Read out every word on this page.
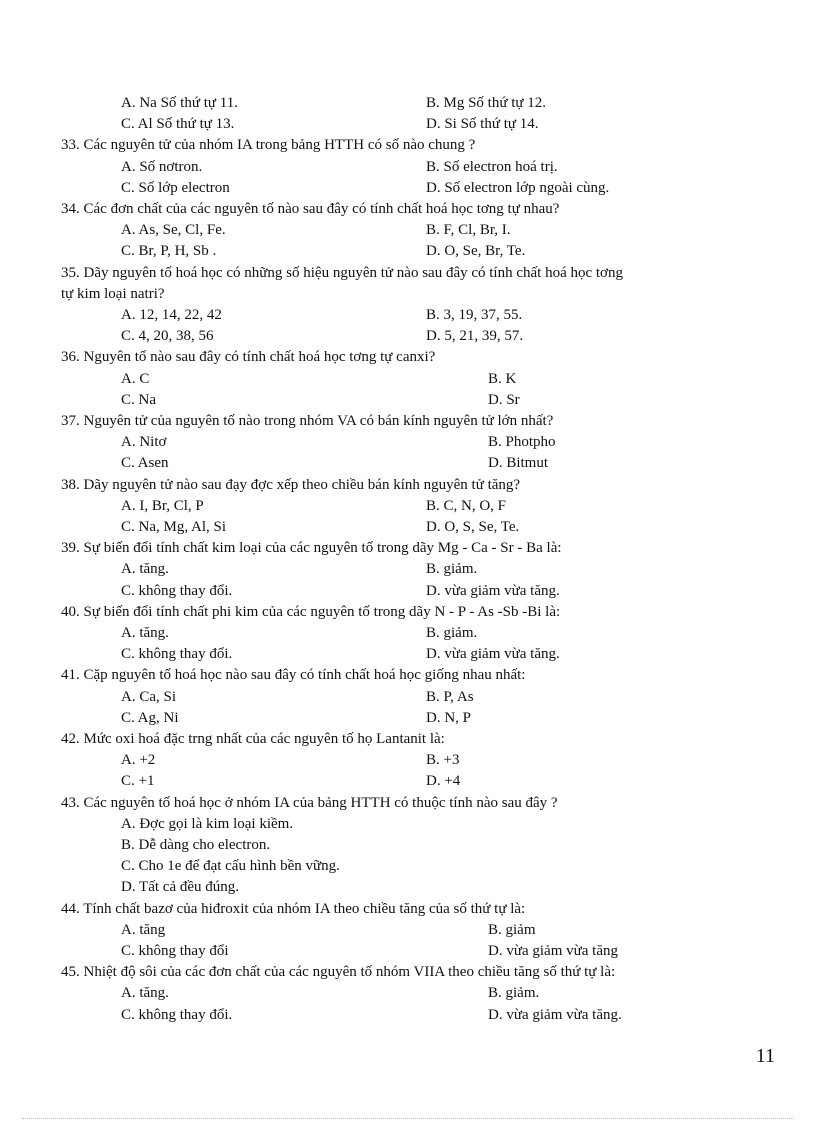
A. Na Số thứ tự 11.	B. Mg Số thứ tự 12.
C. Al Số thứ tự 13.	D. Si Số thứ tự 14.
33. Các nguyên tử của nhóm IA trong bảng HTTH có số nào chung ?
A. Số nơtron.	B. Số electron hoá trị.
C. Số lớp electron	D. Số electron lớp ngoài cùng.
34. Các đơn chất của các nguyên tố nào sau đây có tính chất hoá học tơng tự nhau?
A. As, Se, Cl, Fe.	B. F, Cl, Br, I.
C. Br, P, H, Sb .	D. O, Se, Br, Te.
35. Dãy nguyên tố hoá học có những số hiệu nguyên tử nào sau đây có tính chất hoá học tơng
tự kim loại natri?
A. 12, 14, 22, 42	B. 3, 19, 37, 55.
C. 4, 20, 38, 56	D. 5, 21, 39, 57.
36. Nguyên tố nào sau đây có tính chất hoá học tơng tự canxi?
A. C	B. K
C. Na	D. Sr
37. Nguyên tử của nguyên tố nào trong nhóm VA có bán kính nguyên tử lớn nhất?
A. Nitơ	B. Photpho
C. Asen	D. Bitmut
38. Dãy nguyên tử nào sau đạy đợc xếp theo chiều bán kính nguyên tử tăng?
A. I, Br, Cl, P	B. C, N, O, F
C. Na, Mg, Al, Si	D. O, S, Se, Te.
39. Sự biến đổi tính chất kim loại của các nguyên tố trong dãy Mg - Ca - Sr - Ba là:
A. tăng.	B. giảm.
C. không thay đổi.	D. vừa giảm vừa tăng.
40. Sự biến đổi tính chất phi kim của các nguyên tố trong dãy N - P - As -Sb -Bi là:
A. tăng.	B. giảm.
C. không thay đổi.	D. vừa giảm vừa tăng.
41. Cặp nguyên tố hoá học nào sau đây có tính chất hoá học giống nhau nhất:
A. Ca, Si	B. P, As
C. Ag, Ni	D. N, P
42. Mức oxi hoá đặc trng nhất của các nguyên tố họ Lantanit là:
A. +2	B. +3
C. +1	D. +4
43. Các nguyên tố hoá học ở nhóm IA của bảng HTTH có thuộc tính nào sau đây ?
A. Đợc gọi là kim loại kiềm.
B. Dễ dàng cho electron.
C. Cho 1e để đạt cấu hình bền vững.
D. Tất cả đều đúng.
44. Tính chất bazơ của hiđroxit của nhóm IA theo chiều tăng của số thứ tự là:
A. tăng	B. giảm
C. không thay đổi	D. vừa giảm vừa tăng
45. Nhiệt độ sôi của các đơn chất của các nguyên tố nhóm VIIA theo chiều tăng số thứ tự là:
A. tăng.	B. giảm.
C. không thay đổi.	D. vừa giảm vừa tăng.
11
